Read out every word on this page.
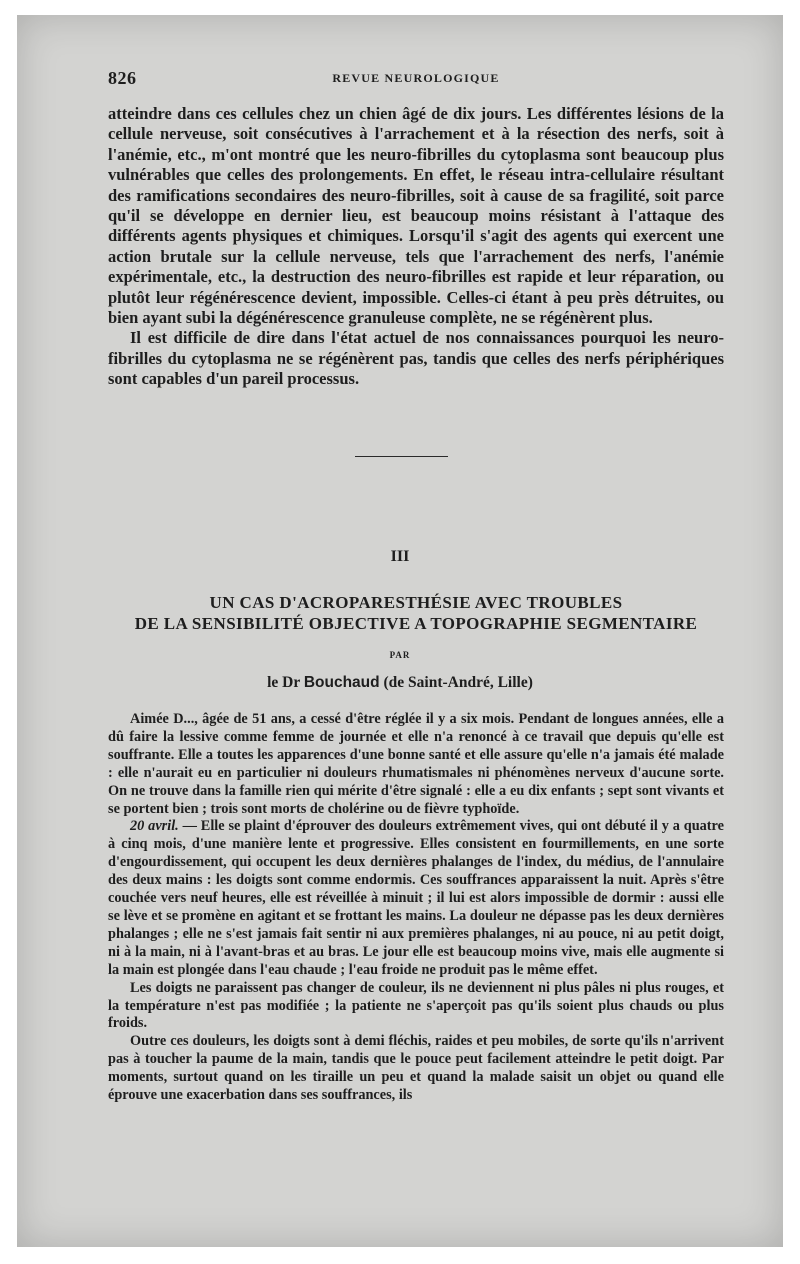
826	REVUE NEUROLOGIQUE

atteindre dans ces cellules chez un chien âgé de dix jours. Les différentes lésions de la cellule nerveuse, soit consécutives à l'arrachement et à la résection des nerfs, soit à l'anémie, etc., m'ont montré que les neuro-fibrilles du cytoplasma sont beaucoup plus vulnérables que celles des prolongements. En effet, le réseau intra-cellulaire résultant des ramifications secondaires des neuro-fibrilles, soit à cause de sa fragilité, soit parce qu'il se développe en dernier lieu, est beaucoup moins résistant à l'attaque des différents agents physiques et chimiques. Lorsqu'il s'agit des agents qui exercent une action brutale sur la cellule nerveuse, tels que l'arrachement des nerfs, l'anémie expérimentale, etc., la destruction des neuro-fibrilles est rapide et leur réparation, ou plutôt leur régénérescence devient, impossible. Celles-ci étant à peu près détruites, ou bien ayant subi la dégénérescence granuleuse complète, ne se régénèrent plus.

Il est difficile de dire dans l'état actuel de nos connaissances pourquoi les neuro-fibrilles du cytoplasma ne se régénèrent pas, tandis que celles des nerfs périphériques sont capables d'un pareil processus.

III
UN CAS D'ACROPARESTHÉSIE AVEC TROUBLES
DE LA SENSIBILITÉ OBJECTIVE A TOPOGRAPHIE SEGMENTAIRE
PAR
le Dr Bouchaud (de Saint-André, Lille)

Aimée D..., âgée de 51 ans, a cessé d'être réglée il y a six mois. Pendant de longues années, elle a dû faire la lessive comme femme de journée et elle n'a renoncé à ce travail que depuis qu'elle est souffrante. Elle a toutes les apparences d'une bonne santé et elle assure qu'elle n'a jamais été malade : elle n'aurait eu en particulier ni douleurs rhumatismales ni phénomènes nerveux d'aucune sorte. On ne trouve dans la famille rien qui mérite d'être signalé : elle a eu dix enfants ; sept sont vivants et se portent bien ; trois sont morts de cholérine ou de fièvre typhoïde.

20 avril. — Elle se plaint d'éprouver des douleurs extrêmement vives, qui ont débuté il y a quatre à cinq mois, d'une manière lente et progressive. Elles consistent en fourmillements, en une sorte d'engourdissement, qui occupent les deux dernières phalanges de l'index, du médius, de l'annulaire des deux mains : les doigts sont comme endormis. Ces souffrances apparaissent la nuit. Après s'être couchée vers neuf heures, elle est réveillée à minuit ; il lui est alors impossible de dormir : aussi elle se lève et se promène en agitant et se frottant les mains. La douleur ne dépasse pas les deux dernières phalanges ; elle ne s'est jamais fait sentir ni aux premières phalanges, ni au pouce, ni au petit doigt, ni à la main, ni à l'avant-bras et au bras. Le jour elle est beaucoup moins vive, mais elle augmente si la main est plongée dans l'eau chaude ; l'eau froide ne produit pas le même effet.

Les doigts ne paraissent pas changer de couleur, ils ne deviennent ni plus pâles ni plus rouges, et la température n'est pas modifiée ; la patiente ne s'aperçoit pas qu'ils soient plus chauds ou plus froids.

Outre ces douleurs, les doigts sont à demi fléchis, raides et peu mobiles, de sorte qu'ils n'arrivent pas à toucher la paume de la main, tandis que le pouce peut facilement atteindre le petit doigt. Par moments, surtout quand on les tiraille un peu et quand la malade saisit un objet ou quand elle éprouve une exacerbation dans ses souffrances, ils
